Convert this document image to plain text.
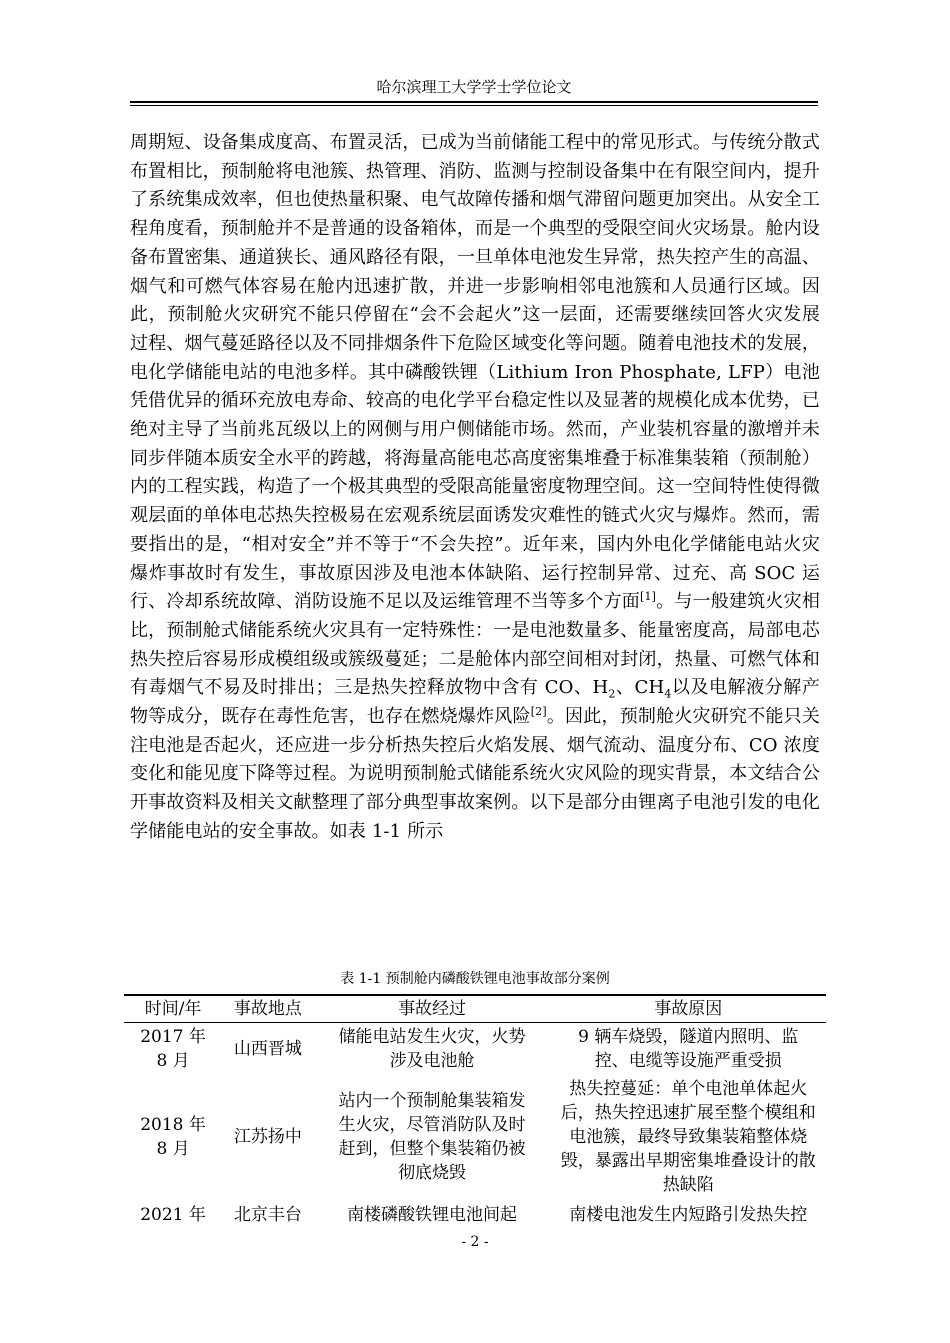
哈尔滨理工大学学士学位论文

周期短、设备集成度高、布置灵活，已成为当前储能工程中的常见形式。与传统分散式布置相比，预制舱将电池簇、热管理、消防、监测与控制设备集中在有限空间内，提升了系统集成效率，但也使热量积聚、电气故障传播和烟气滞留问题更加突出。从安全工程角度看，预制舱并不是普通的设备箱体，而是一个典型的受限空间火灾场景。舱内设备布置密集、通道狭长、通风路径有限，一旦单体电池发生异常，热失控产生的高温、烟气和可燃气体容易在舱内迅速扩散，并进一步影响相邻电池簇和人员通行区域。因此，预制舱火灾研究不能只停留在“会不会起火”这一层面，还需要继续回答火灾发展过程、烟气蔓延路径以及不同排烟条件下危险区域变化等问题。随着电池技术的发展，电化学储能电站的电池多样。其中磷酸铁锂（Lithium Iron Phosphate, LFP）电池凭借优异的循环充放电寿命、较高的电化学平台稳定性以及显著的规模化成本优势，已绝对主导了当前兆瓦级以上的网侧与用户侧储能市场。然而，产业装机容量的激增并未同步伴随本质安全水平的跨越，将海量高能电芯高度密集堆叠于标准集装箱（预制舱）内的工程实践，构造了一个极其典型的受限高能量密度物理空间。这一空间特性使得微观层面的单体电芯热失控极易在宏观系统层面诱发灾难性的链式火灾与爆炸。然而，需要指出的是，“相对安全”并不等于“不会失控”。近年来，国内外电化学储能电站火灾爆炸事故时有发生，事故原因涉及电池本体缺陷、运行控制异常、过充、高 SOC 运行、冷却系统故障、消防设施不足以及运维管理不当等多个方面[1]。与一般建筑火灾相比，预制舱式储能系统火灾具有一定特殊性：一是电池数量多、能量密度高，局部电芯热失控后容易形成模组级或簇级蔓延；二是舱体内部空间相对封闭，热量、可燃气体和有毒烟气不易及时排出；三是热失控释放物中含有 CO、$H_2$、$CH_4$以及电解液分解产物等成分，既存在毒性危害，也存在燃烧爆炸风险[2]。因此，预制舱火灾研究不能只关注电池是否起火，还应进一步分析热失控后火焰发展、烟气流动、温度分布、CO 浓度变化和能见度下降等过程。为说明预制舱式储能系统火灾风险的现实背景，本文结合公开事故资料及相关文献整理了部分典型事故案例。以下是部分由锂离子电池引发的电化学储能电站的安全事故。如表 1-1 所示

表 1-1 预制舱内磷酸铁锂电池事故部分案例
时间/年	事故地点	事故经过	事故原因
2017 年 8 月	山西晋城	储能电站发生火灾，火势涉及电池舱	9 辆车烧毁，隧道内照明、监控、电缆等设施严重受损
2018 年 8 月	江苏扬中	站内一个预制舱集装箱发生火灾，尽管消防队及时赶到，但整个集装箱仍被彻底烧毁	热失控蔓延：单个电池单体起火后，热失控迅速扩展至整个模组和电池簇，最终导致集装箱整体烧毁，暴露出早期密集堆叠设计的散热缺陷
2021 年	北京丰台	南楼磷酸铁锂电池间起	南楼电池发生内短路引发热失控
- 2 -
